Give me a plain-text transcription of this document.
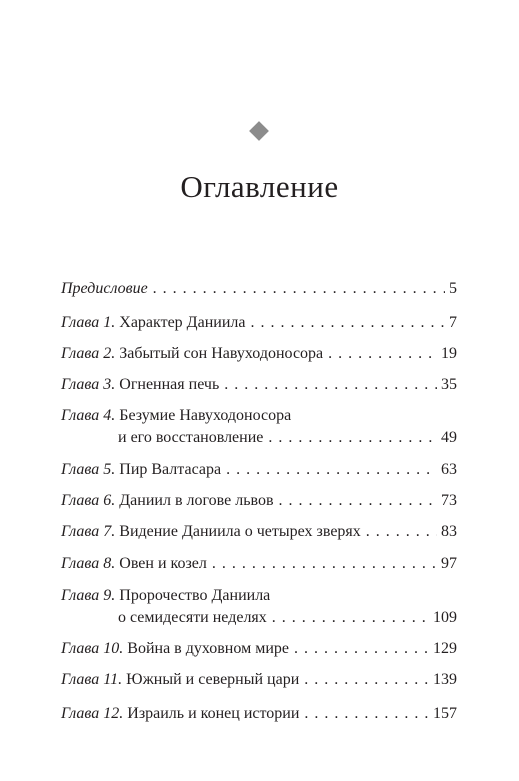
Оглавление
Предисловие . . .	5
Глава 1.
Характер Даниила . . .	7
Глава 2.
Забытый сон Навуходоносора . . .	19
Глава 3.
Огненная печь . . .	35
Глава 4.
Безумие Навуходоносора
и его восстановление . . .	49
Глава 5.
Пир Валтасара . . .	63
Глава 6.
Даниил в логове львов . . .	73
Глава 7.
Видение Даниила о четырех зверях . . .	83
Глава 8.
Овен и козел . . .	97
Глава 9.
Пророчество Даниила
о семидесяти неделях . . .	109
Глава 10.
Война в духовном мире . . .	129
Глава 11.
Южный и северный цари . . .	139
Глава 12.
Израиль и конец истории . . .	157
